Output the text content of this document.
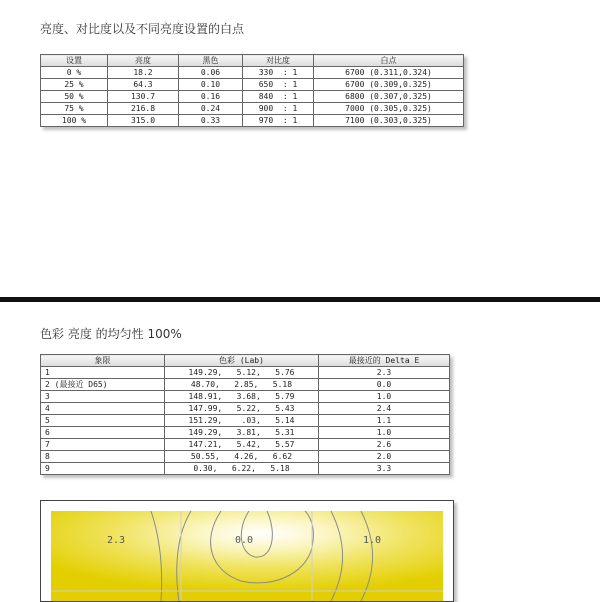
亮度、对比度以及不同亮度设置的白点
设置	亮度	黑色	对比度	白点
0 %	18.2	0.06	330  : 1	6700 (0.311,0.324)
25 %	64.3	0.10	650  : 1	6700 (0.309,0.325)
50 %	130.7	0.16	840  : 1	6800 (0.307,0.325)
75 %	216.8	0.24	900  : 1	7000 (0.305,0.325)
100 %	315.0	0.33	970  : 1	7100 (0.303,0.325)
色彩 亮度 的均匀性 100%
象限	色彩 (Lab)	最接近的 Delta E
1	149.29,   5.12,   5.76	2.3
2 (最接近 D65)	48.70,   2.85,   5.18	0.0
3	148.91,   3.68,   5.79	1.0
4	147.99,   5.22,   5.43	2.4
5	151.29,    .03,   5.14	1.1
6	149.29,   3.81,   5.31	1.0
7	147.21,   5.42,   5.57	2.6
8	50.55,   4.26,   6.62	2.0
9	0.30,   6.22,   5.18	3.3
2.3	0.0	1.0
